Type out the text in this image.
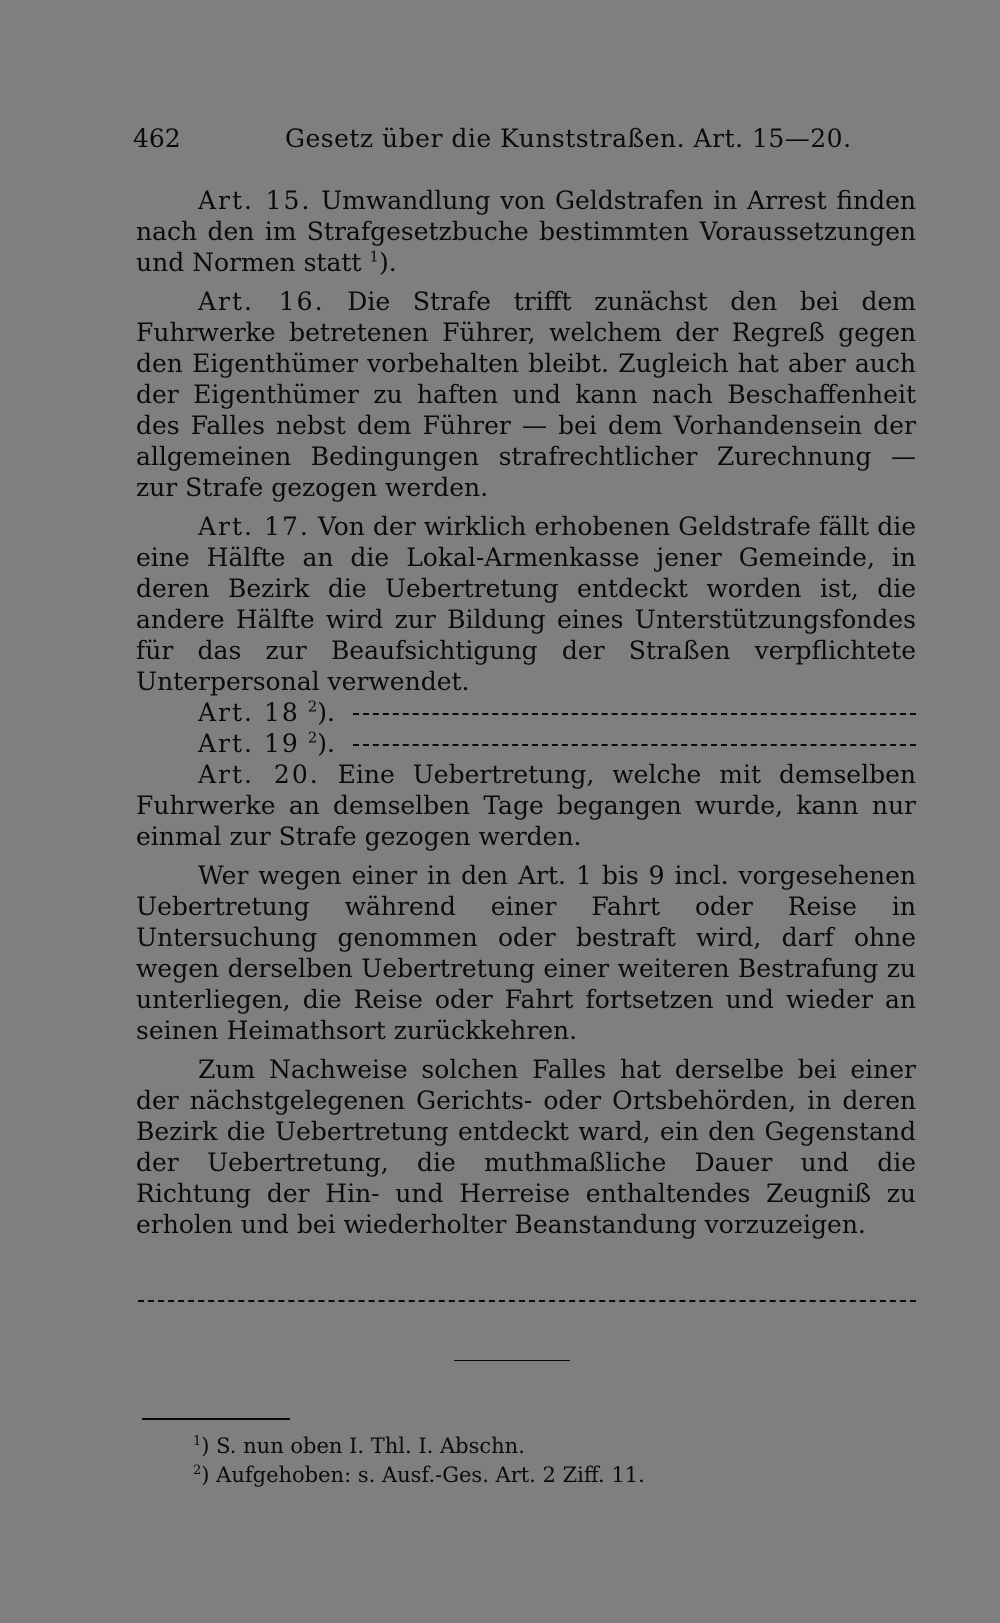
462	Gesetz über die Kunststraßen. Art. 15—20.

Art. 15. Umwandlung von Geldstrafen in Arrest finden nach den im Strafgesetzbuche bestimmten Voraussetzungen und Normen statt $^1$).

Art. 16. Die Strafe trifft zunächst den bei dem Fuhrwerke betretenen Führer, welchem der Regreß gegen den Eigenthümer vorbehalten bleibt. Zugleich hat aber auch der Eigenthümer zu haften und kann nach Beschaffenheit des Falles nebst dem Führer — bei dem Vorhandensein der allgemeinen Bedingungen strafrechtlicher Zurechnung — zur Strafe gezogen werden.

Art. 17. Von der wirklich erhobenen Geldstrafe fällt die eine Hälfte an die Lokal-Armenkasse jener Gemeinde, in deren Bezirk die Uebertretung entdeckt worden ist, die andere Hälfte wird zur Bildung eines Unterstützungsfondes für das zur Beaufsichtigung der Straßen verpflichtete Unterpersonal verwendet.

Art. 18 $^2$).
Art. 19 $^2$).

Art. 20. Eine Uebertretung, welche mit demselben Fuhrwerke an demselben Tage begangen wurde, kann nur einmal zur Strafe gezogen werden.

Wer wegen einer in den Art. 1 bis 9 incl. vorgesehenen Uebertretung während einer Fahrt oder Reise in Untersuchung genommen oder bestraft wird, darf ohne wegen derselben Uebertretung einer weiteren Bestrafung zu unterliegen, die Reise oder Fahrt fortsetzen und wieder an seinen Heimathsort zurückkehren.

Zum Nachweise solchen Falles hat derselbe bei einer der nächstgelegenen Gerichts- oder Ortsbehörden, in deren Bezirk die Uebertretung entdeckt ward, ein den Gegenstand der Uebertretung, die muthmaßliche Dauer und die Richtung der Hin- und Herreise enthaltendes Zeugniß zu erholen und bei wiederholter Beanstandung vorzuzeigen.

$^1$) S. nun oben I. Thl. I. Abschn.

$^2$) Aufgehoben: s. Ausf.-Ges. Art. 2 Ziff. 11.
